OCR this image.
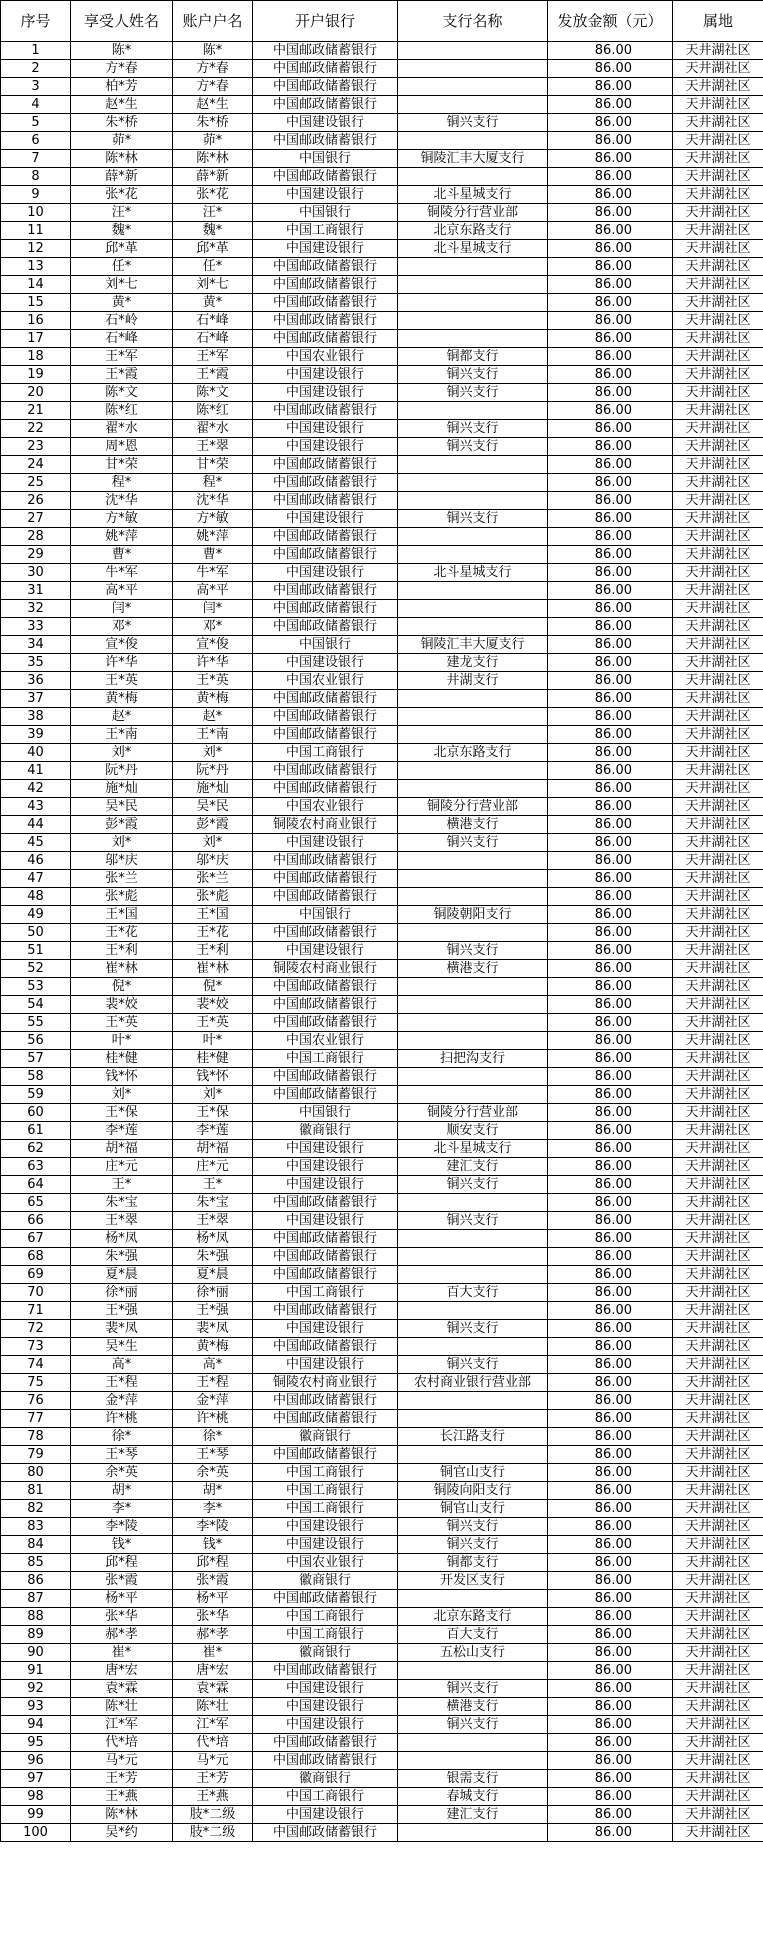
序号	享受人姓名	账户户名	开户银行	支行名称	发放金额（元）	属地
1	陈*	陈*	中国邮政储蓄银行		86.00	天井湖社区
2	方*春	方*春	中国邮政储蓄银行		86.00	天井湖社区
3	柏*芳	方*春	中国邮政储蓄银行		86.00	天井湖社区
4	赵*生	赵*生	中国邮政储蓄银行		86.00	天井湖社区
5	朱*桥	朱*桥	中国建设银行	铜兴支行	86.00	天井湖社区
6	茆*	茆*	中国邮政储蓄银行		86.00	天井湖社区
7	陈*林	陈*林	中国银行	铜陵汇丰大厦支行	86.00	天井湖社区
8	薛*新	薛*新	中国邮政储蓄银行		86.00	天井湖社区
9	张*花	张*花	中国建设银行	北斗星城支行	86.00	天井湖社区
10	汪*	汪*	中国银行	铜陵分行营业部	86.00	天井湖社区
11	魏*	魏*	中国工商银行	北京东路支行	86.00	天井湖社区
12	邱*革	邱*革	中国建设银行	北斗星城支行	86.00	天井湖社区
13	任*	任*	中国邮政储蓄银行		86.00	天井湖社区
14	刘*七	刘*七	中国邮政储蓄银行		86.00	天井湖社区
15	黄*	黄*	中国邮政储蓄银行		86.00	天井湖社区
16	石*岭	石*峰	中国邮政储蓄银行		86.00	天井湖社区
17	石*峰	石*峰	中国邮政储蓄银行		86.00	天井湖社区
18	王*军	王*军	中国农业银行	铜都支行	86.00	天井湖社区
19	王*霞	王*霞	中国建设银行	铜兴支行	86.00	天井湖社区
20	陈*文	陈*文	中国建设银行	铜兴支行	86.00	天井湖社区
21	陈*红	陈*红	中国邮政储蓄银行		86.00	天井湖社区
22	翟*水	翟*水	中国建设银行	铜兴支行	86.00	天井湖社区
23	周*恩	王*翠	中国建设银行	铜兴支行	86.00	天井湖社区
24	甘*荣	甘*荣	中国邮政储蓄银行		86.00	天井湖社区
25	程*	程*	中国邮政储蓄银行		86.00	天井湖社区
26	沈*华	沈*华	中国邮政储蓄银行		86.00	天井湖社区
27	方*敏	方*敏	中国建设银行	铜兴支行	86.00	天井湖社区
28	姚*萍	姚*萍	中国邮政储蓄银行		86.00	天井湖社区
29	曹*	曹*	中国邮政储蓄银行		86.00	天井湖社区
30	牛*军	牛*军	中国建设银行	北斗星城支行	86.00	天井湖社区
31	高*平	高*平	中国邮政储蓄银行		86.00	天井湖社区
32	闫*	闫*	中国邮政储蓄银行		86.00	天井湖社区
33	邓*	邓*	中国邮政储蓄银行		86.00	天井湖社区
34	宣*俊	宣*俊	中国银行	铜陵汇丰大厦支行	86.00	天井湖社区
35	许*华	许*华	中国建设银行	建龙支行	86.00	天井湖社区
36	王*英	王*英	中国农业银行	井湖支行	86.00	天井湖社区
37	黄*梅	黄*梅	中国邮政储蓄银行		86.00	天井湖社区
38	赵*	赵*	中国邮政储蓄银行		86.00	天井湖社区
39	王*南	王*南	中国邮政储蓄银行		86.00	天井湖社区
40	刘*	刘*	中国工商银行	北京东路支行	86.00	天井湖社区
41	阮*丹	阮*丹	中国邮政储蓄银行		86.00	天井湖社区
42	施*灿	施*灿	中国邮政储蓄银行		86.00	天井湖社区
43	吴*民	吴*民	中国农业银行	铜陵分行营业部	86.00	天井湖社区
44	彭*霞	彭*霞	铜陵农村商业银行	横港支行	86.00	天井湖社区
45	刘*	刘*	中国建设银行	铜兴支行	86.00	天井湖社区
46	邬*庆	邬*庆	中国邮政储蓄银行		86.00	天井湖社区
47	张*兰	张*兰	中国邮政储蓄银行		86.00	天井湖社区
48	张*彪	张*彪	中国邮政储蓄银行		86.00	天井湖社区
49	王*国	王*国	中国银行	铜陵朝阳支行	86.00	天井湖社区
50	王*花	王*花	中国邮政储蓄银行		86.00	天井湖社区
51	王*利	王*利	中国建设银行	铜兴支行	86.00	天井湖社区
52	崔*林	崔*林	铜陵农村商业银行	横港支行	86.00	天井湖社区
53	倪*	倪*	中国邮政储蓄银行		86.00	天井湖社区
54	裴*姣	裴*姣	中国邮政储蓄银行		86.00	天井湖社区
55	王*英	王*英	中国邮政储蓄银行		86.00	天井湖社区
56	叶*	叶*	中国农业银行		86.00	天井湖社区
57	桂*健	桂*健	中国工商银行	扫把沟支行	86.00	天井湖社区
58	钱*怀	钱*怀	中国邮政储蓄银行		86.00	天井湖社区
59	刘*	刘*	中国邮政储蓄银行		86.00	天井湖社区
60	王*保	王*保	中国银行	铜陵分行营业部	86.00	天井湖社区
61	李*莲	李*莲	徽商银行	顺安支行	86.00	天井湖社区
62	胡*福	胡*福	中国建设银行	北斗星城支行	86.00	天井湖社区
63	庄*元	庄*元	中国建设银行	建汇支行	86.00	天井湖社区
64	王*	王*	中国建设银行	铜兴支行	86.00	天井湖社区
65	朱*宝	朱*宝	中国邮政储蓄银行		86.00	天井湖社区
66	王*翠	王*翠	中国建设银行	铜兴支行	86.00	天井湖社区
67	杨*凤	杨*凤	中国邮政储蓄银行		86.00	天井湖社区
68	朱*强	朱*强	中国邮政储蓄银行		86.00	天井湖社区
69	夏*晨	夏*晨	中国邮政储蓄银行		86.00	天井湖社区
70	徐*丽	徐*丽	中国工商银行	百大支行	86.00	天井湖社区
71	王*强	王*强	中国邮政储蓄银行		86.00	天井湖社区
72	裴*凤	裴*凤	中国建设银行	铜兴支行	86.00	天井湖社区
73	吴*生	黄*梅	中国邮政储蓄银行		86.00	天井湖社区
74	高*	高*	中国建设银行	铜兴支行	86.00	天井湖社区
75	王*程	王*程	铜陵农村商业银行	农村商业银行营业部	86.00	天井湖社区
76	金*萍	金*萍	中国邮政储蓄银行		86.00	天井湖社区
77	许*桃	许*桃	中国邮政储蓄银行		86.00	天井湖社区
78	徐*	徐*	徽商银行	长江路支行	86.00	天井湖社区
79	王*琴	王*琴	中国邮政储蓄银行		86.00	天井湖社区
80	余*英	余*英	中国工商银行	铜官山支行	86.00	天井湖社区
81	胡*	胡*	中国工商银行	铜陵向阳支行	86.00	天井湖社区
82	李*	李*	中国工商银行	铜官山支行	86.00	天井湖社区
83	李*陵	李*陵	中国建设银行	铜兴支行	86.00	天井湖社区
84	钱*	钱*	中国建设银行	铜兴支行	86.00	天井湖社区
85	邱*程	邱*程	中国农业银行	铜都支行	86.00	天井湖社区
86	张*霞	张*霞	徽商银行	开发区支行	86.00	天井湖社区
87	杨*平	杨*平	中国邮政储蓄银行		86.00	天井湖社区
88	张*华	张*华	中国工商银行	北京东路支行	86.00	天井湖社区
89	郝*孝	郝*孝	中国工商银行	百大支行	86.00	天井湖社区
90	崔*	崔*	徽商银行	五松山支行	86.00	天井湖社区
91	唐*宏	唐*宏	中国邮政储蓄银行		86.00	天井湖社区
92	袁*霖	袁*霖	中国建设银行	铜兴支行	86.00	天井湖社区
93	陈*壮	陈*壮	中国建设银行	横港支行	86.00	天井湖社区
94	江*军	江*军	中国建设银行	铜兴支行	86.00	天井湖社区
95	代*培	代*培	中国邮政储蓄银行		86.00	天井湖社区
96	马*元	马*元	中国邮政储蓄银行		86.00	天井湖社区
97	王*芳	王*芳	徽商银行	银需支行	86.00	天井湖社区
98	王*燕	王*燕	中国工商银行	春城支行	86.00	天井湖社区
99	陈*林	肢*二级	中国建设银行	建汇支行	86.00	天井湖社区
100	吴*约	肢*二级	中国邮政储蓄银行		86.00	天井湖社区
